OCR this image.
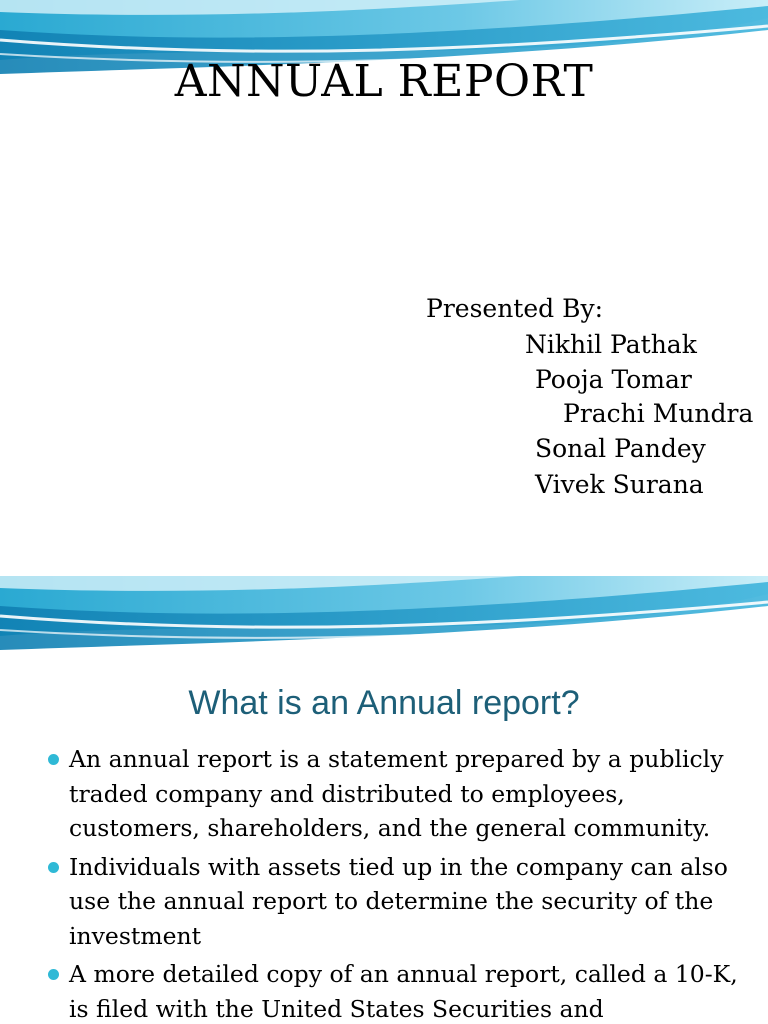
ANNUAL REPORT
Presented By:
Nikhil Pathak
Pooja Tomar
Prachi Mundra
Sonal Pandey
Vivek Surana
What is an Annual report?
An annual report is a statement prepared by a publicly traded company and distributed to employees, customers, shareholders, and the general community.
Individuals with assets tied up in the company can also use the annual report to determine the security of the investment
A more detailed copy of an annual report, called a 10-K, is filed with the United States Securities and
